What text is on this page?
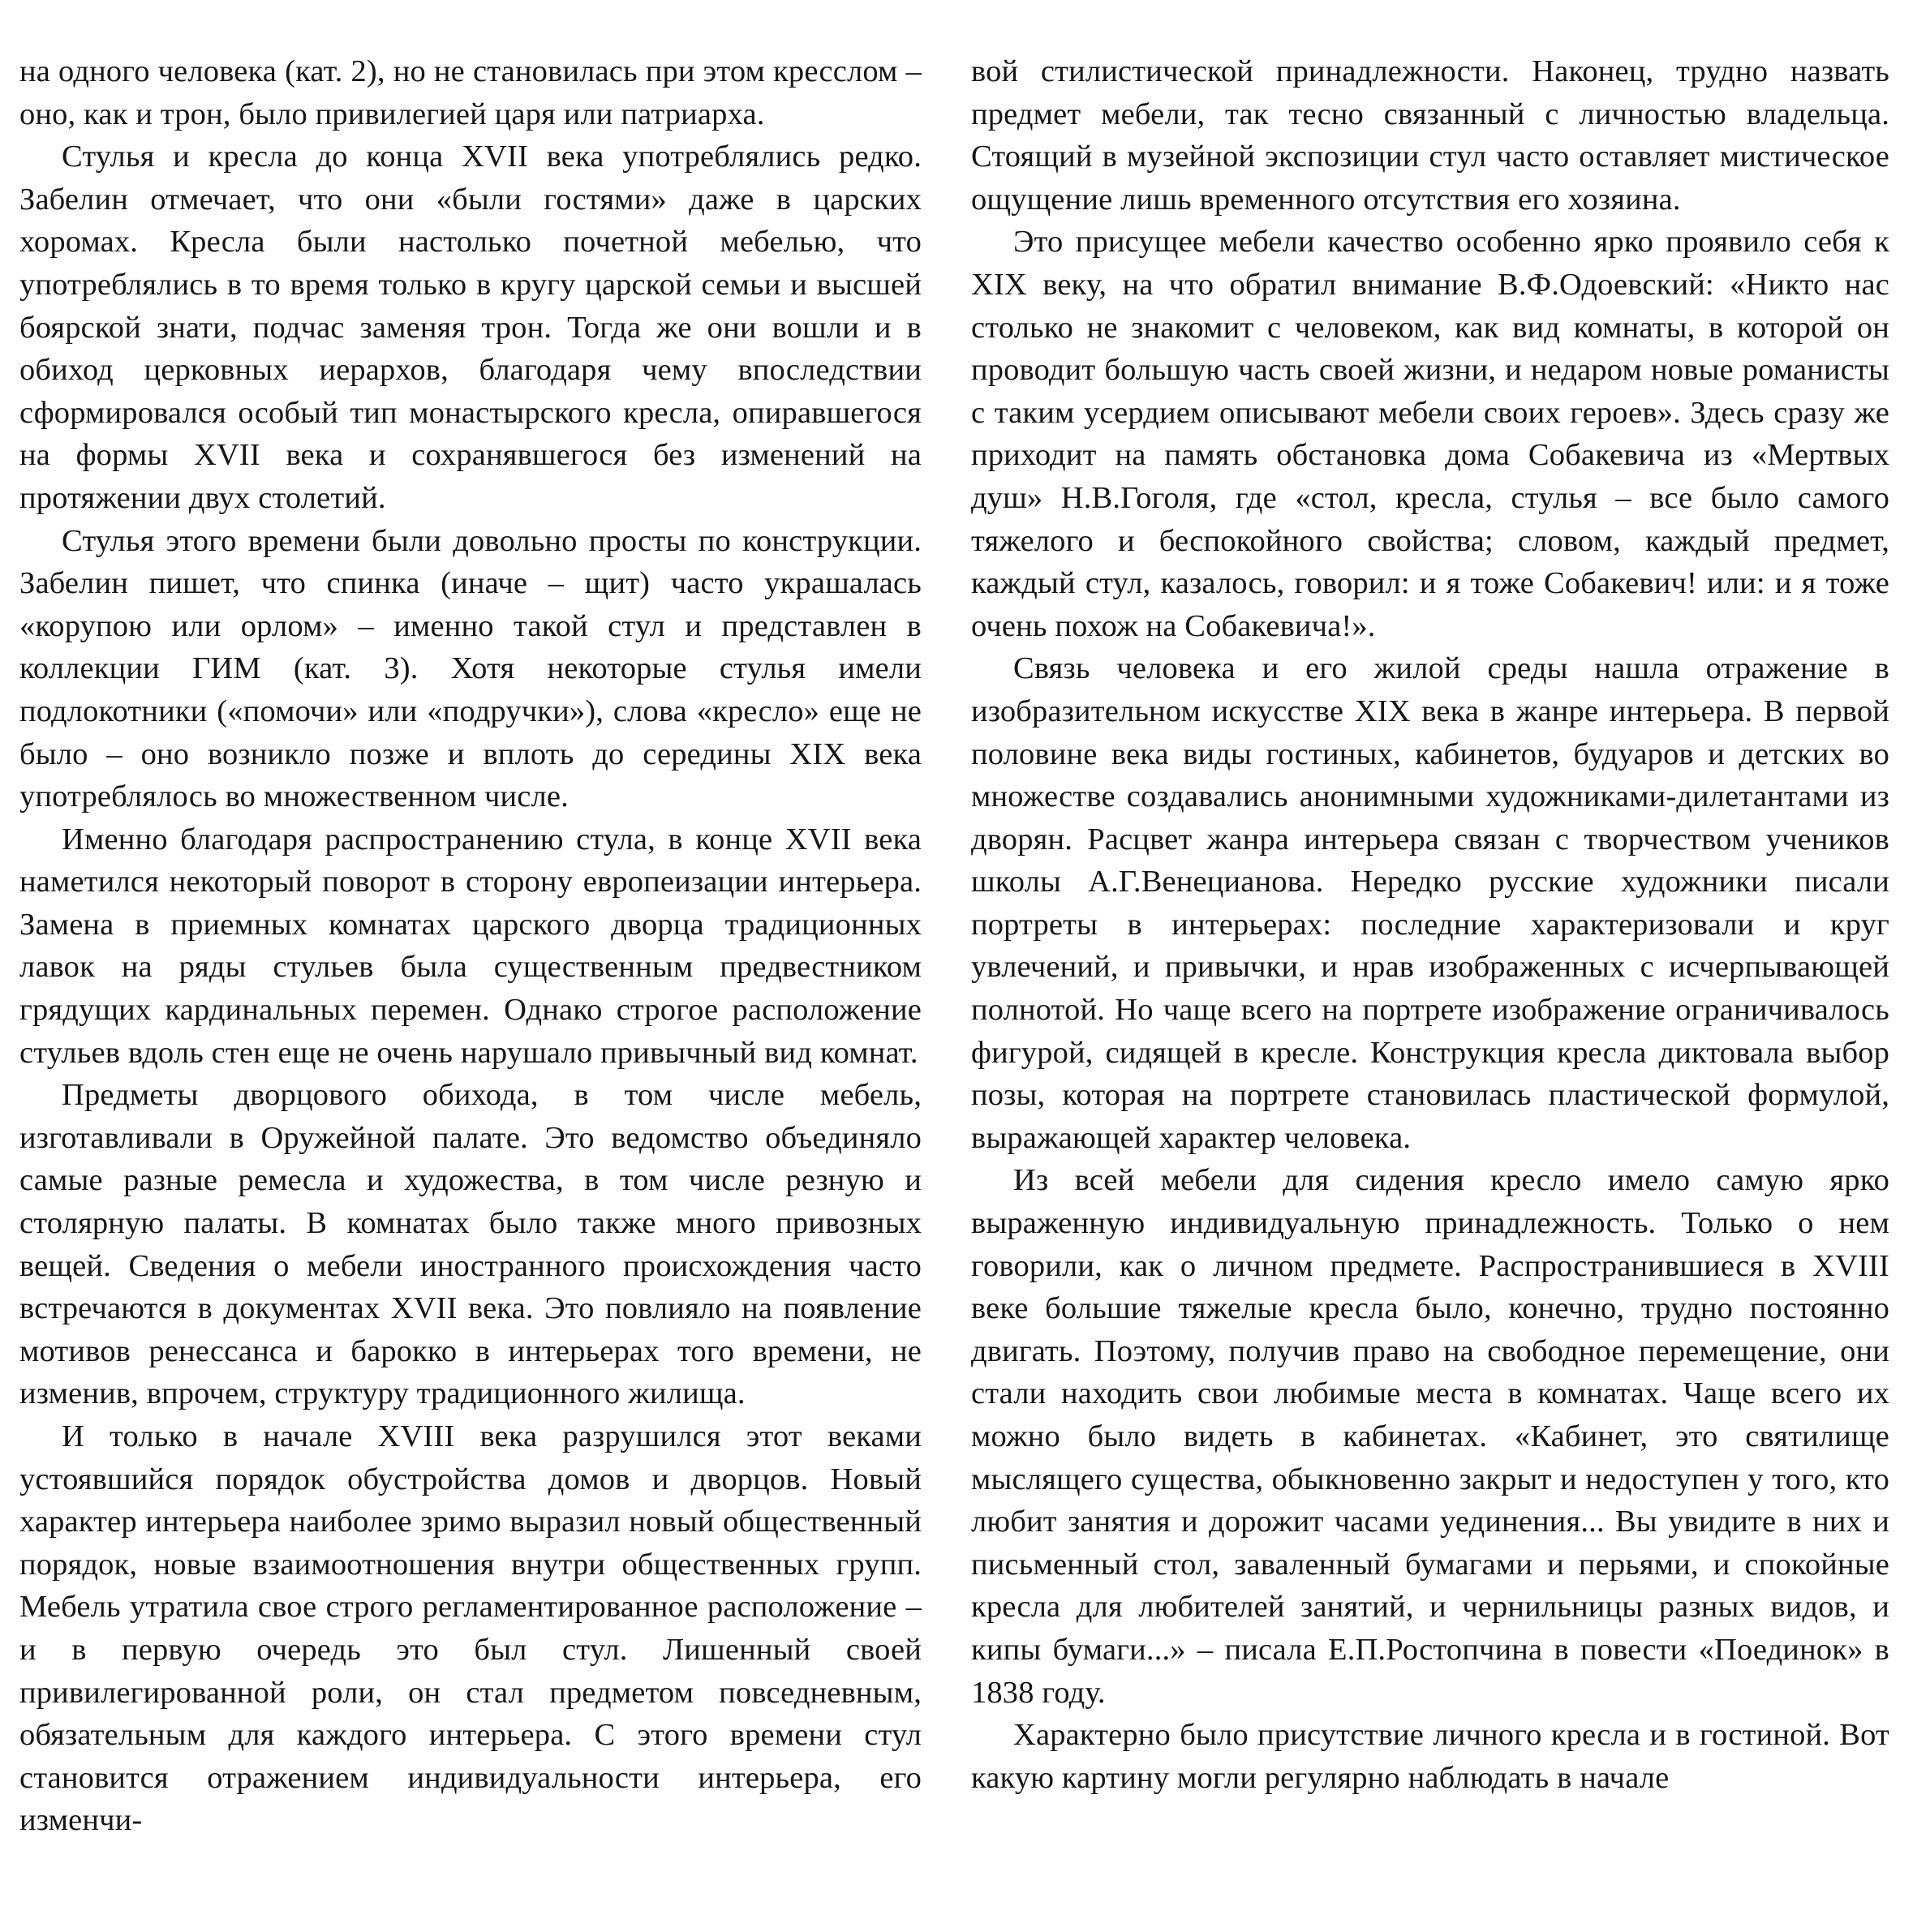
на одного человека (кат. 2), но не становилась при этом кресслом – оно, как и трон, было привилегией царя или патриарха.

Стулья и кресла до конца XVII века употреблялись редко. Забелин отмечает, что они «были гостями» даже в царских хоромах. Кресла были настолько почетной мебелью, что употреблялись в то время только в кругу царской семьи и высшей боярской знати, подчас заменяя трон. Тогда же они вошли и в обиход церковных иерархов, благодаря чему впоследствии сформировался особый тип монастырского кресла, опиравшегося на формы XVII века и сохранявшегося без изменений на протяжении двух столетий.

Стулья этого времени были довольно просты по конструкции. Забелин пишет, что спинка (иначе – щит) часто украшалась «корупою или орлом» – именно такой стул и представлен в коллекции ГИМ (кат. 3). Хотя некоторые стулья имели подлокотники («помочи» или «подручки»), слова «кресло» еще не было – оно возникло позже и вплоть до середины XIX века употреблялось во множественном числе.

Именно благодаря распространению стула, в конце XVII века наметился некоторый поворот в сторону европеизации интерьера. Замена в приемных комнатах царского дворца традиционных лавок на ряды стульев была существенным предвестником грядущих кардинальных перемен. Однако строгое расположение стульев вдоль стен еще не очень нарушало привычный вид комнат.

Предметы дворцового обихода, в том числе мебель, изготавливали в Оружейной палате. Это ведомство объединяло самые разные ремесла и художества, в том числе резную и столярную палаты. В комнатах было также много привозных вещей. Сведения о мебели иностранного происхождения часто встречаются в документах XVII века. Это повлияло на появление мотивов ренессанса и барокко в интерьерах того времени, не изменив, впрочем, структуру традиционного жилища.

И только в начале XVIII века разрушился этот веками устоявшийся порядок обустройства домов и дворцов. Новый характер интерьера наиболее зримо выразил новый общественный порядок, новые взаимоотношения внутри общественных групп. Мебель утратила свое строго регламентированное расположение – и в первую очередь это был стул. Лишенный своей привилегированной роли, он стал предметом повседневным, обязательным для каждого интерьера. С этого времени стул становится отражением индивидуальности интерьера, его изменчи-

вой стилистической принадлежности. Наконец, трудно назвать предмет мебели, так тесно связанный с личностью владельца. Стоящий в музейной экспозиции стул часто оставляет мистическое ощущение лишь временного отсутствия его хозяина.

Это присущее мебели качество особенно ярко проявило себя к XIX веку, на что обратил внимание В.Ф.Одоевский: «Никто нас столько не знакомит с человеком, как вид комнаты, в которой он проводит большую часть своей жизни, и недаром новые романисты с таким усердием описывают мебели своих героев». Здесь сразу же приходит на память обстановка дома Собакевича из «Мертвых душ» Н.В.Гоголя, где «стол, кресла, стулья – все было самого тяжелого и беспокойного свойства; словом, каждый предмет, каждый стул, казалось, говорил: и я тоже Собакевич! или: и я тоже очень похож на Собакевича!».

Связь человека и его жилой среды нашла отражение в изобразительном искусстве XIX века в жанре интерьера. В первой половине века виды гостиных, кабинетов, будуаров и детских во множестве создавались анонимными художниками-дилетантами из дворян. Расцвет жанра интерьера связан с творчеством учеников школы А.Г.Венецианова. Нередко русские художники писали портреты в интерьерах: последние характеризовали и круг увлечений, и привычки, и нрав изображенных с исчерпывающей полнотой. Но чаще всего на портрете изображение ограничивалось фигурой, сидящей в кресле. Конструкция кресла диктовала выбор позы, которая на портрете становилась пластической формулой, выражающей характер человека.

Из всей мебели для сидения кресло имело самую ярко выраженную индивидуальную принадлежность. Только о нем говорили, как о личном предмете. Распространившиеся в XVIII веке большие тяжелые кресла было, конечно, трудно постоянно двигать. Поэтому, получив право на свободное перемещение, они стали находить свои любимые места в комнатах. Чаще всего их можно было видеть в кабинетах. «Кабинет, это святилище мыслящего существа, обыкновенно закрыт и недоступен у того, кто любит занятия и дорожит часами уединения... Вы увидите в них и письменный стол, заваленный бумагами и перьями, и спокойные кресла для любителей занятий, и чернильницы разных видов, и кипы бумаги...» – писала Е.П.Ростопчина в повести «Поединок» в 1838 году.

Характерно было присутствие личного кресла и в гостиной. Вот какую картину могли регулярно наблюдать в начале
